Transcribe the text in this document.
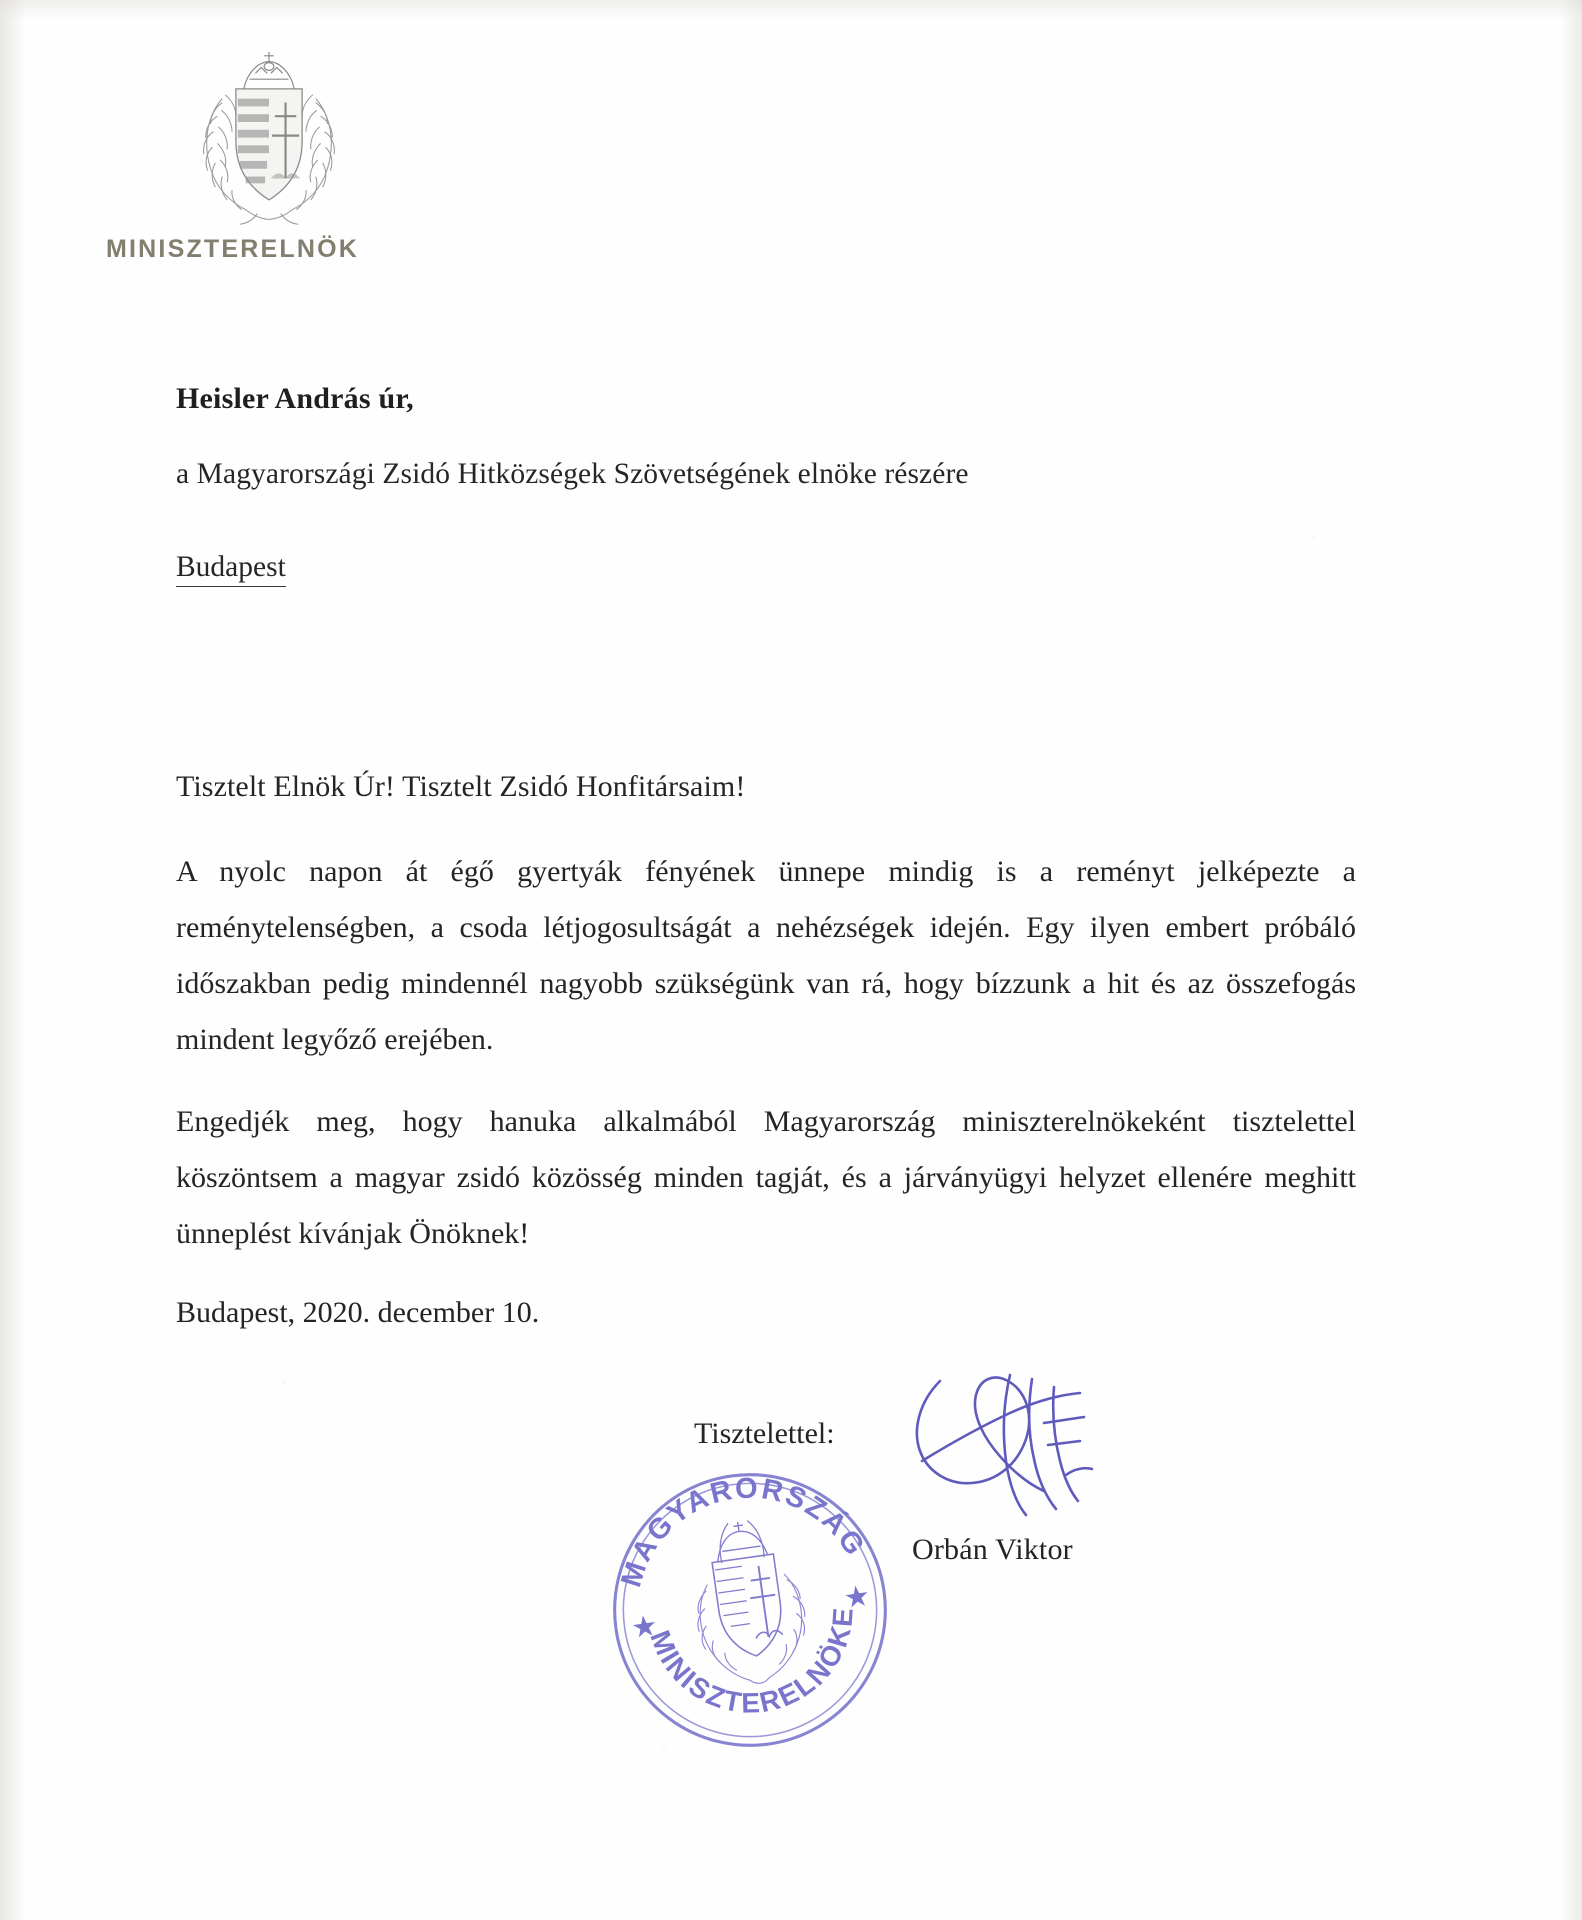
MINISZTERELNÖK
Heisler András úr,
a Magyarországi Zsidó Hitközségek Szövetségének elnöke részére
Budapest
Tisztelt Elnök Úr! Tisztelt Zsidó Honfitársaim!

A nyolc napon át égő gyertyák fényének ünnepe mindig is a reményt jelképezte a reménytelenségben, a csoda létjogosultságát a nehézségek idején. Egy ilyen embert próbáló időszakban pedig mindennél nagyobb szükségünk van rá, hogy bízzunk a hit és az összefogás mindent legyőző erejében.

Engedjék meg, hogy hanuka alkalmából Magyarország miniszterelnökeként tisztelettel köszöntsem a magyar zsidó közösség minden tagját, és a járványügyi helyzet ellenére meghitt ünneplést kívánjak Önöknek!

Budapest, 2020. december 10.
Tisztelettel:
Orbán Viktor
MAGYARORSZÁG
MINISZTERELNÖKE
★
★
